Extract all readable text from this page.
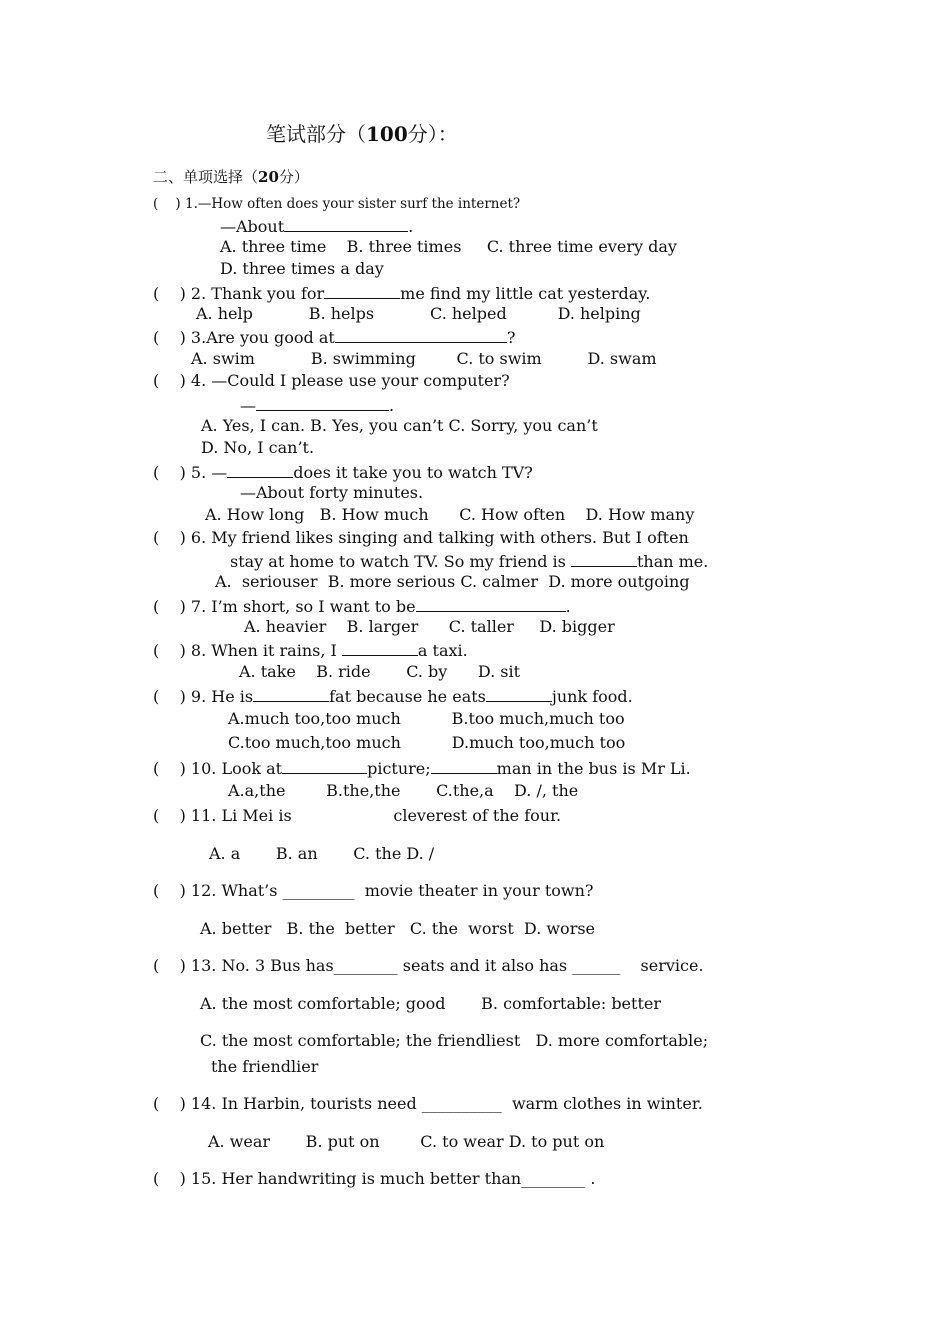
笔试部分（100分）：
二、单项选择（20分）
(    ) 1.—How often does your sister surf the internet?
—About	.
A. three time    B. three times     C. three time every day
D. three times a day
(    ) 2. Thank you for	me find my little cat yesterday.
A. help           B. helps           C. helped          D. helping
(    ) 3.Are you good at	?
A. swim           B. swimming        C. to swim         D. swam
(    ) 4. —Could I please use your computer?
—	.
A. Yes, I can. B. Yes, you can’t C. Sorry, you can’t
D. No, I can’t.
(    ) 5. —	does it take you to watch TV?
—About forty minutes.
A. How long   B. How much      C. How often    D. How many
(    ) 6. My friend likes singing and talking with others. But I often
stay at home to watch TV. So my friend is	than me.
A.  seriouser  B. more serious C. calmer  D. more outgoing
(    ) 7. I’m short, so I want to be	.
A. heavier    B. larger      C. taller     D. bigger
(    ) 8. When it rains, I	a taxi.
A. take    B. ride       C. by      D. sit
(    ) 9. He is	fat because he eats	junk food.
A.much too,too much          B.too much,much too
C.too much,too much          D.much too,much too
(    ) 10. Look at	picture;	man in the bus is Mr Li.
A.a,the        B.the,the       C.the,a    D. /, the
(    ) 11. Li Mei is                    cleverest of the four.
A. a       B. an       C. the D. /
(    ) 12. What’s _________  movie theater in your town?
A. better   B. the  better   C. the  worst  D. worse
(    ) 13. No. 3 Bus has________ seats and it also has ______    service.
A. the most comfortable; good       B. comfortable: better
C. the most comfortable; the friendliest   D. more comfortable;
the friendlier
(    ) 14. In Harbin, tourists need __________  warm clothes in winter.
A. wear       B. put on        C. to wear D. to put on
(    ) 15. Her handwriting is much better than________ .
